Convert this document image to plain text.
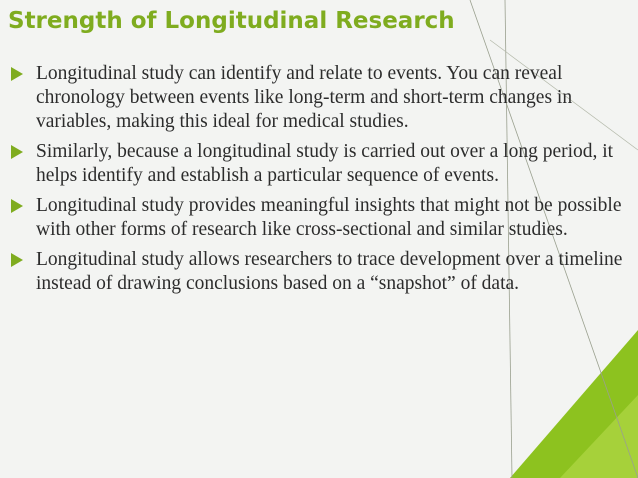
Strength of Longitudinal Research
Longitudinal study can identify and relate to events. You can reveal chronology between events like long-term and short-term changes in variables, making this ideal for medical studies.
Similarly, because a longitudinal study is carried out over a long period, it helps identify and establish a particular sequence of events.
Longitudinal study provides meaningful insights that might not be possible with other forms of research like cross-sectional and similar studies.
Longitudinal study allows researchers to trace development over a timeline instead of drawing conclusions based on a “snapshot” of data.
